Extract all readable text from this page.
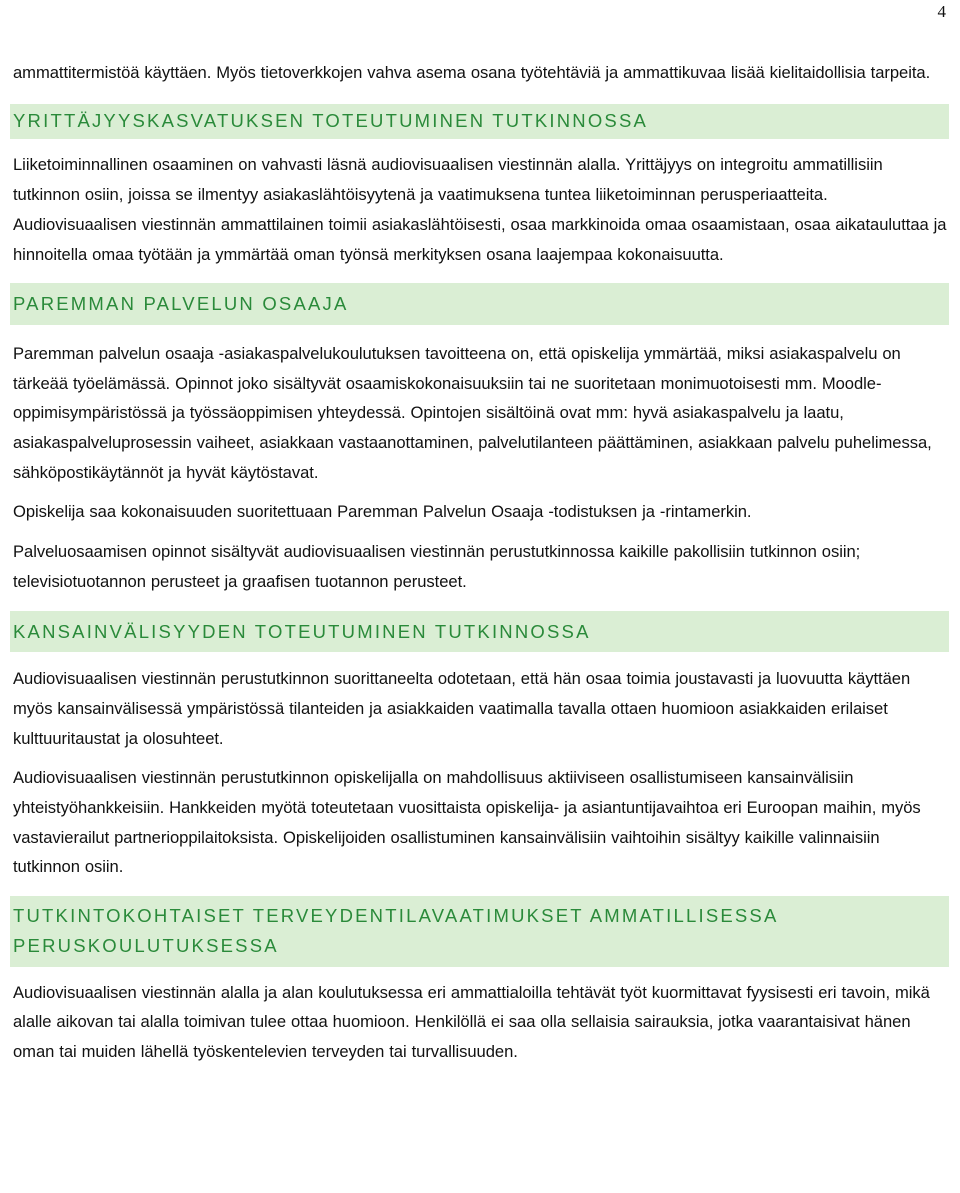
4

ammattitermistöä käyttäen. Myös tietoverkkojen vahva asema osana työtehtäviä ja ammattikuvaa lisää kielitaidollisia tarpeita.

YRITTÄJYYSKASVATUKSEN TOTEUTUMINEN TUTKINNOSSA

Liiketoiminnallinen osaaminen on vahvasti läsnä audiovisuaalisen viestinnän alalla. Yrittäjyys on integroitu ammatillisiin tutkinnon osiin, joissa se ilmentyy asiakaslähtöisyytenä ja vaatimuksena tuntea liiketoiminnan perusperiaatteita. Audiovisuaalisen viestinnän ammattilainen toimii asiakaslähtöisesti, osaa markkinoida omaa osaamistaan, osaa aikatauluttaa ja hinnoitella omaa työtään ja ymmärtää oman työnsä merkityksen osana laajempaa kokonaisuutta.

PAREMMAN PALVELUN OSAAJA

Paremman palvelun osaaja -asiakaspalvelukoulutuksen tavoitteena on, että opiskelija ymmärtää, miksi asiakaspalvelu on tärkeää työelämässä. Opinnot joko sisältyvät osaamiskokonaisuuksiin tai ne suoritetaan monimuotoisesti mm. Moodle-oppimisympäristössä ja työssäoppimisen yhteydessä. Opintojen sisältöinä ovat mm: hyvä asiakaspalvelu ja laatu, asiakaspalveluprosessin vaiheet, asiakkaan vastaanottaminen, palvelutilanteen päättäminen, asiakkaan palvelu puhelimessa, sähköpostikäytännöt ja hyvät käytöstavat.

Opiskelija saa kokonaisuuden suoritettuaan Paremman Palvelun Osaaja -todistuksen ja -rintamerkin.

Palveluosaamisen opinnot sisältyvät audiovisuaalisen viestinnän perustutkinnossa kaikille pakollisiin tutkinnon osiin; televisiotuotannon perusteet ja graafisen tuotannon perusteet.

KANSAINVÄLISYYDEN TOTEUTUMINEN TUTKINNOSSA

Audiovisuaalisen viestinnän perustutkinnon suorittaneelta odotetaan, että hän osaa toimia joustavasti ja luovuutta käyttäen myös kansainvälisessä ympäristössä tilanteiden ja asiakkaiden vaatimalla tavalla ottaen huomioon asiakkaiden erilaiset kulttuuritaustat ja olosuhteet.

Audiovisuaalisen viestinnän perustutkinnon opiskelijalla on mahdollisuus aktiiviseen osallistumiseen kansainvälisiin yhteistyöhankkeisiin. Hankkeiden myötä toteutetaan vuosittaista opiskelija- ja asiantuntijavaihtoa eri Euroopan maihin, myös vastavierailut partnerioppilaitoksista. Opiskelijoiden osallistuminen kansainvälisiin vaihtoihin sisältyy kaikille valinnaisiin tutkinnon osiin.

TUTKINTOKOHTAISET TERVEYDENTILAVAATIMUKSET AMMATILLISESSA PERUSKOULUTUKSESSA

Audiovisuaalisen viestinnän alalla ja alan koulutuksessa eri ammattialoilla tehtävät työt kuormittavat fyysisesti eri tavoin, mikä alalle aikovan tai alalla toimivan tulee ottaa huomioon. Henkilöllä ei saa olla sellaisia sairauksia, jotka vaarantaisivat hänen oman tai muiden lähellä työskentelevien terveyden tai turvallisuuden.
